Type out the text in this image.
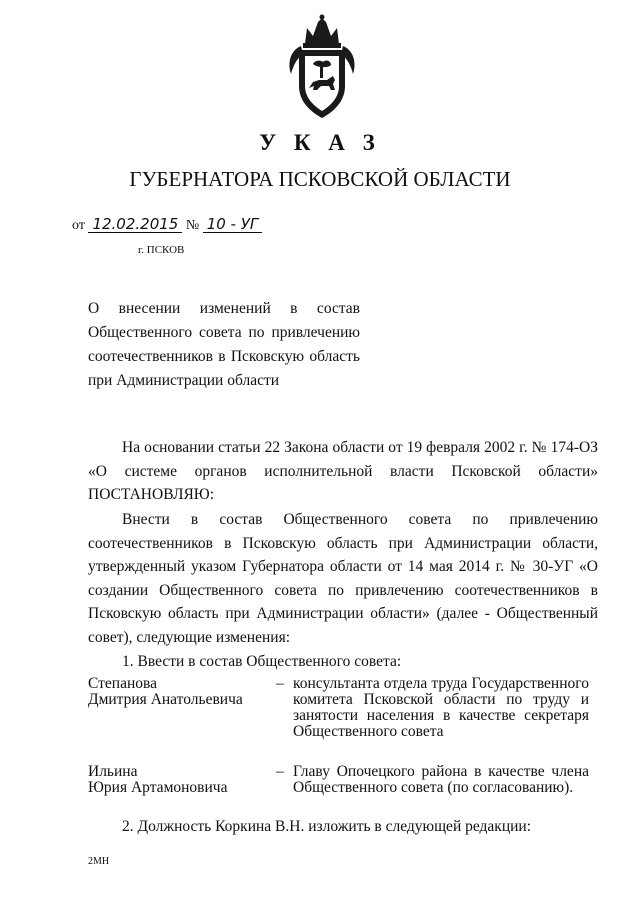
У К А З
ГУБЕРНАТОРА ПСКОВСКОЙ ОБЛАСТИ
от 12.02.2015 № 10 - УГ
г. ПСКОВ
О внесении изменений в состав Общественного совета по привлечению соотечественников в Псковскую область при Администрации области
На основании статьи 22 Закона области от 19 февраля 2002 г. № 174-ОЗ «О системе органов исполнительной власти Псковской области» ПОСТАНОВЛЯЮ:
Внести в состав Общественного совета по привлечению соотечественников в Псковскую область при Администрации области, утвержденный указом Губернатора области от 14 мая 2014 г. № 30-УГ «О создании Общественного совета по привлечению соотечественников в Псковскую область при Администрации области» (далее - Общественный совет), следующие изменения:
1. Ввести в состав Общественного совета:
Степанова
Дмитрия Анатольевича
– консультанта отдела труда Государственного комитета Псковской области по труду и занятости населения в качестве секретаря Общественного совета
Ильина
Юрия Артамоновича
– Главу Опочецкого района в качестве члена Общественного совета (по согласованию).
2. Должность Коркина В.Н. изложить в следующей редакции:
2МН
